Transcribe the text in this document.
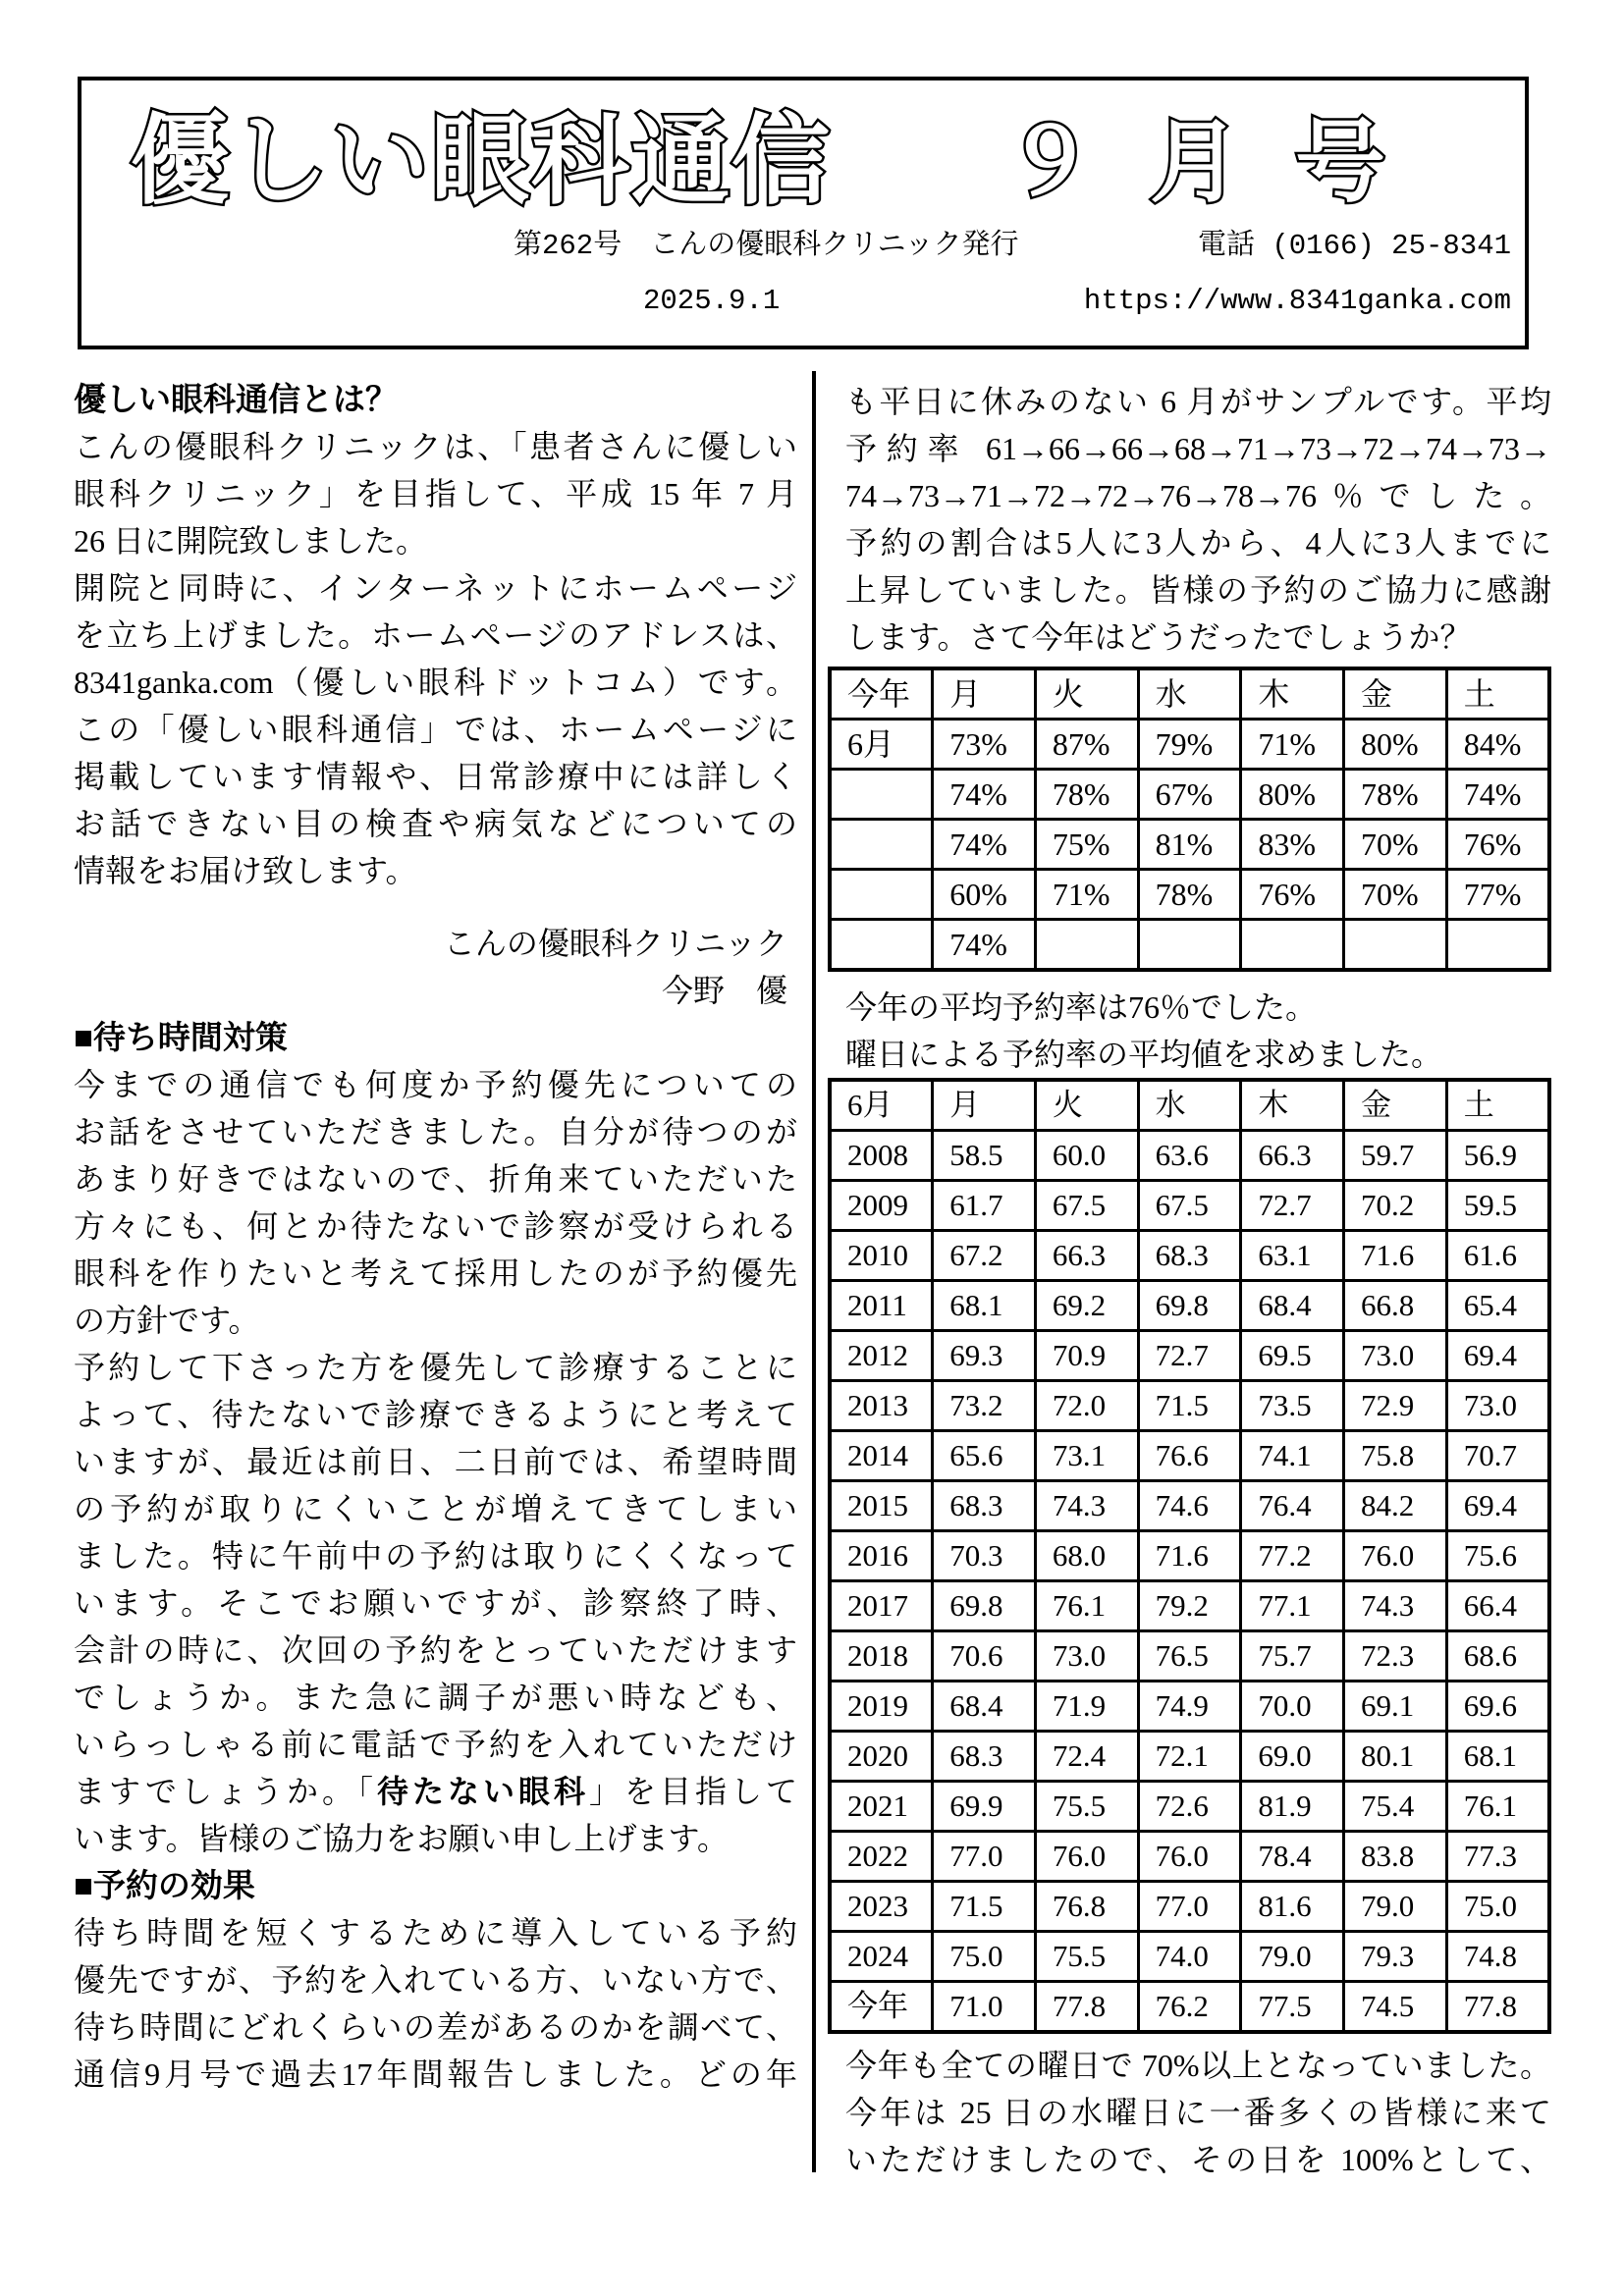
優しい眼科通信 ９月号
第262号　こんの優眼科クリニック発行	電話 (0166) 25-8341
2025.9.1	https://www.8341ganka.com
優しい眼科通信とは？
こんの優眼科クリニックは、「患者さんに優しい
眼科クリニック」を目指して、平成 15 年 7 月
26 日に開院致しました。
開院と同時に、インターネットにホームページ
を立ち上げました。ホームページのアドレスは、
8341ganka.com（優しい眼科ドットコム）です。
この「優しい眼科通信」では、ホームページに
掲載しています情報や、日常診療中には詳しく
お話できない目の検査や病気などについての
情報をお届け致します。
こんの優眼科クリニック
今野　優
■待ち時間対策
今までの通信でも何度か予約優先についての
お話をさせていただきました。自分が待つのが
あまり好きではないので、折角来ていただいた
方々にも、何とか待たないで診察が受けられる
眼科を作りたいと考えて採用したのが予約優先
の方針です。
予約して下さった方を優先して診療することに
よって、待たないで診療できるようにと考えて
いますが、最近は前日、二日前では、希望時間
の予約が取りにくいことが増えてきてしまい
ました。特に午前中の予約は取りにくくなって
います。そこでお願いですが、診察終了時、
会計の時に、次回の予約をとっていただけます
でしょうか。また急に調子が悪い時なども、
いらっしゃる前に電話で予約を入れていただけ
ますでしょうか。「待たない眼科」を目指して
います。皆様のご協力をお願い申し上げます。
■予約の効果
待ち時間を短くするために導入している予約
優先ですが、予約を入れている方、いない方で、
待ち時間にどれくらいの差があるのかを調べて、
通信9月号で過去17年間報告しました。どの年
も平日に休みのない 6 月がサンプルです。平均
予約率 61→66→66→68→71→73→72→74→73→
74→73→71→72→72→76→78→76％でした。
予約の割合は5人に3人から、4人に3人までに
上昇していました。皆様の予約のご協力に感謝
します。さて今年はどうだったでしょうか？
今年	月	火	水	木	金	土
6月	73%	87%	79%	71%	80%	84%
	74%	78%	67%	80%	78%	74%
	74%	75%	81%	83%	70%	76%
	60%	71%	78%	76%	70%	77%
	74%					
今年の平均予約率は76％でした。
曜日による予約率の平均値を求めました。
6月	月	火	水	木	金	土
2008	58.5	60.0	63.6	66.3	59.7	56.9
2009	61.7	67.5	67.5	72.7	70.2	59.5
2010	67.2	66.3	68.3	63.1	71.6	61.6
2011	68.1	69.2	69.8	68.4	66.8	65.4
2012	69.3	70.9	72.7	69.5	73.0	69.4
2013	73.2	72.0	71.5	73.5	72.9	73.0
2014	65.6	73.1	76.6	74.1	75.8	70.7
2015	68.3	74.3	74.6	76.4	84.2	69.4
2016	70.3	68.0	71.6	77.2	76.0	75.6
2017	69.8	76.1	79.2	77.1	74.3	66.4
2018	70.6	73.0	76.5	75.7	72.3	68.6
2019	68.4	71.9	74.9	70.0	69.1	69.6
2020	68.3	72.4	72.1	69.0	80.1	68.1
2021	69.9	75.5	72.6	81.9	75.4	76.1
2022	77.0	76.0	76.0	78.4	83.8	77.3
2023	71.5	76.8	77.0	81.6	79.0	75.0
2024	75.0	75.5	74.0	79.0	79.3	74.8
今年	71.0	77.8	76.2	77.5	74.5	77.8
今年も全ての曜日で 70%以上となっていました。
今年は 25 日の水曜日に一番多くの皆様に来て
いただけましたので、その日を 100%として、
